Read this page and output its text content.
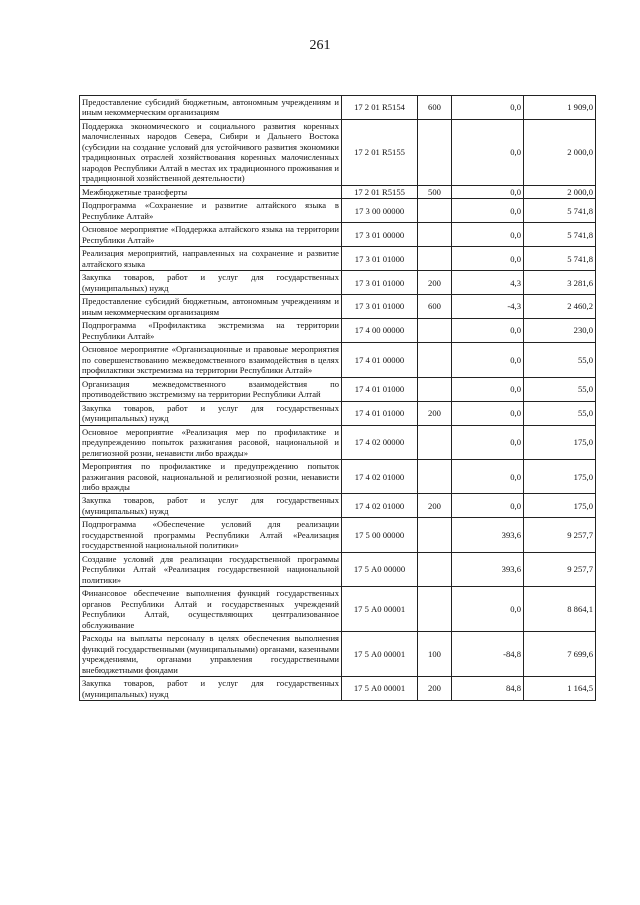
261
Предоставление субсидий бюджетным, автономным учреждениям и иным некоммерческим организациям	17 2 01 R5154	600	0,0	1 909,0
Поддержка экономического и социального развития коренных малочисленных народов Севера, Сибири и Дальнего Востока (субсидии на создание условий для устойчивого развития экономики традиционных отраслей хозяйствования коренных малочисленных народов Республики Алтай в местах их традиционного проживания и традиционной хозяйственной деятельности)	17 2 01 R5155		0,0	2 000,0
Межбюджетные трансферты	17 2 01 R5155	500	0,0	2 000,0
Подпрограмма «Сохранение и развитие алтайского языка в Республике Алтай»	17 3 00 00000		0,0	5 741,8
Основное мероприятие «Поддержка алтайского языка на территории Республики Алтай»	17 3 01 00000		0,0	5 741,8
Реализация мероприятий, направленных на сохранение и развитие алтайского языка	17 3 01 01000		0,0	5 741,8
Закупка товаров, работ и услуг для государственных (муниципальных) нужд	17 3 01 01000	200	4,3	3 281,6
Предоставление субсидий бюджетным, автономным учреждениям и иным некоммерческим организациям	17 3 01 01000	600	-4,3	2 460,2
Подпрограмма «Профилактика экстремизма на территории Республики Алтай»	17 4 00 00000		0,0	230,0
Основное мероприятие «Организационные и правовые мероприятия по совершенствованию межведомственного взаимодействия в целях профилактики экстремизма на территории Республики Алтай»	17 4 01 00000		0,0	55,0
Организация межведомственного взаимодействия по противодействию экстремизму на территории Республики Алтай	17 4 01 01000		0,0	55,0
Закупка товаров, работ и услуг для государственных (муниципальных) нужд	17 4 01 01000	200	0,0	55,0
Основное мероприятие «Реализация мер по профилактике и предупреждению попыток разжигания расовой, национальной и религиозной розни, ненависти либо вражды»	17 4 02 00000		0,0	175,0
Мероприятия по профилактике и предупреждению попыток разжигания расовой, национальной и религиозной розни, ненависти либо вражды	17 4 02 01000		0,0	175,0
Закупка товаров, работ и услуг для государственных (муниципальных) нужд	17 4 02 01000	200	0,0	175,0
Подпрограмма «Обеспечение условий для реализации государственной программы Республики Алтай «Реализация государственной национальной политики»	17 5 00 00000		393,6	9 257,7
Создание условий для реализации государственной программы Республики Алтай «Реализация государственной национальной политики»	17 5 А0 00000		393,6	9 257,7
Финансовое обеспечение выполнения функций государственных органов Республики Алтай и государственных учреждений Республики Алтай, осуществляющих централизованное обслуживание	17 5 А0 00001		0,0	8 864,1
Расходы на выплаты персоналу в целях обеспечения выполнения функций государственными (муниципальными) органами, казенными учреждениями, органами управления государственными внебюджетными фондами	17 5 А0 00001	100	-84,8	7 699,6
Закупка товаров, работ и услуг для государственных (муниципальных) нужд	17 5 А0 00001	200	84,8	1 164,5
